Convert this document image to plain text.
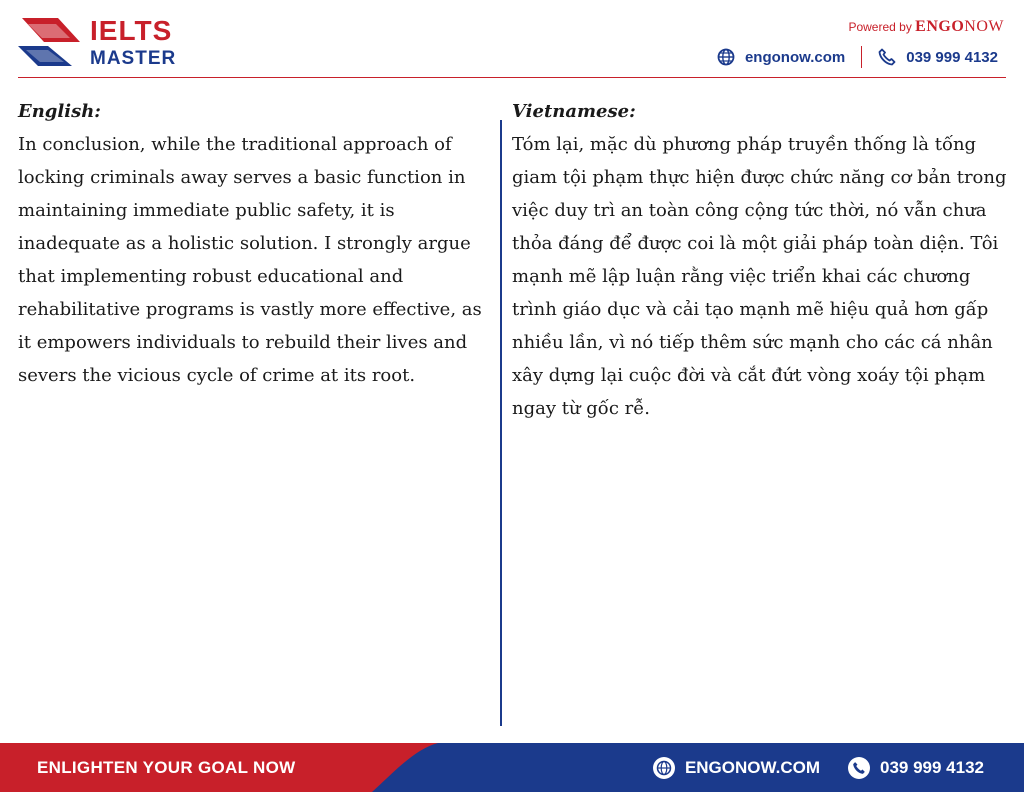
IELTS
MASTER
Powered by ENGONOW
engonow.com	039 999 4132
English:
In conclusion, while the traditional approach of locking criminals away serves a basic function in maintaining immediate public safety, it is inadequate as a holistic solution. I strongly argue that implementing robust educational and rehabilitative programs is vastly more effective, as it empowers individuals to rebuild their lives and severs the vicious cycle of crime at its root.
Vietnamese:
Tóm lại, mặc dù phương pháp truyền thống là tống giam tội phạm thực hiện được chức năng cơ bản trong việc duy trì an toàn công cộng tức thời, nó vẫn chưa thỏa đáng để được coi là một giải pháp toàn diện. Tôi mạnh mẽ lập luận rằng việc triển khai các chương trình giáo dục và cải tạo mạnh mẽ hiệu quả hơn gấp nhiều lần, vì nó tiếp thêm sức mạnh cho các cá nhân xây dựng lại cuộc đời và cắt đứt vòng xoáy tội phạm ngay từ gốc rễ.
ENLIGHTEN YOUR GOAL NOW	ENGONOW.COM	039 999 4132
